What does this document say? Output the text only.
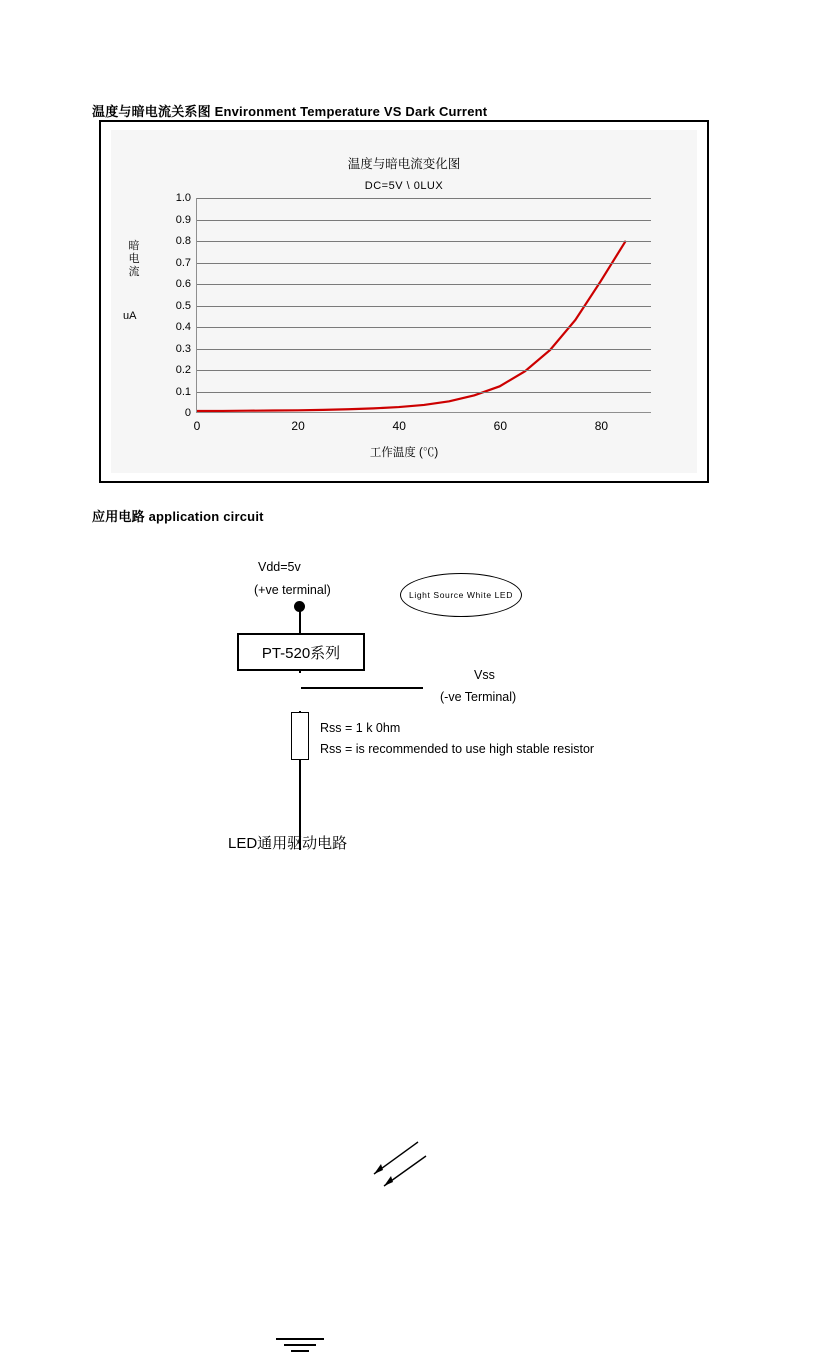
温度与暗电流关系图 Environment Temperature VS Dark Current
温度与暗电流变化图
DC=5V \ 0LUX
暗电流
uA
0
0.1
0.2
0.3
0.4
0.5
0.6
0.7
0.8
0.9
1.0
0	20	40	60	80
工作温度 (℃)
应用电路 application circuit
Vdd=5v
(+ve terminal)
Vss
(-ve Terminal)
Rss = 1 k 0hm
Rss = is recommended to use high stable resistor
LED通用驱动电路
PT-520系列
Light Source White LED
